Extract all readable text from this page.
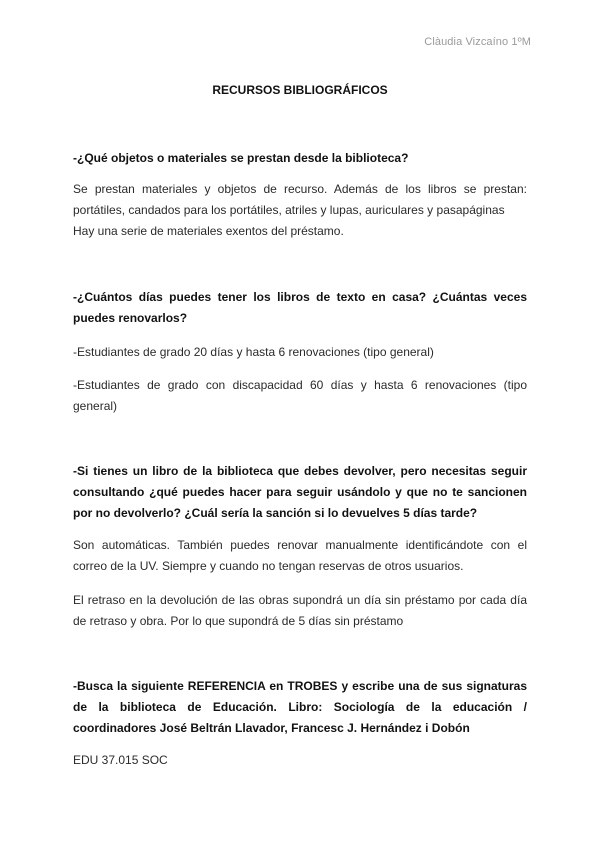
Clàudia Vizcaíno 1ºM
RECURSOS BIBLIOGRÁFICOS

-¿Qué objetos o materiales se prestan desde la biblioteca?

Se prestan materiales y objetos de recurso. Además de los libros se prestan: portátiles, candados para los portátiles, atriles y lupas, auriculares y pasapáginas

Hay una serie de materiales exentos del préstamo.

-¿Cuántos días puedes tener los libros de texto en casa? ¿Cuántas veces puedes renovarlos?

-Estudiantes de grado 20 días y hasta 6 renovaciones (tipo general)

-Estudiantes de grado con discapacidad 60 días y hasta 6 renovaciones (tipo general)

-Si tienes un libro de la biblioteca que debes devolver, pero necesitas seguir consultando ¿qué puedes hacer para seguir usándolo y que no te sancionen por no devolverlo? ¿Cuál sería la sanción si lo devuelves 5 días tarde?

Son automáticas. También puedes renovar manualmente identificándote con el correo de la UV. Siempre y cuando no tengan reservas de otros usuarios.

El retraso en la devolución de las obras supondrá un día sin préstamo por cada día de retraso y obra. Por lo que supondrá de 5 días sin préstamo

-Busca la siguiente REFERENCIA en TROBES y escribe una de sus signaturas de la biblioteca de Educación. Libro: Sociología de la educación / coordinadores José Beltrán Llavador, Francesc J. Hernández i Dobón

EDU 37.015 SOC
